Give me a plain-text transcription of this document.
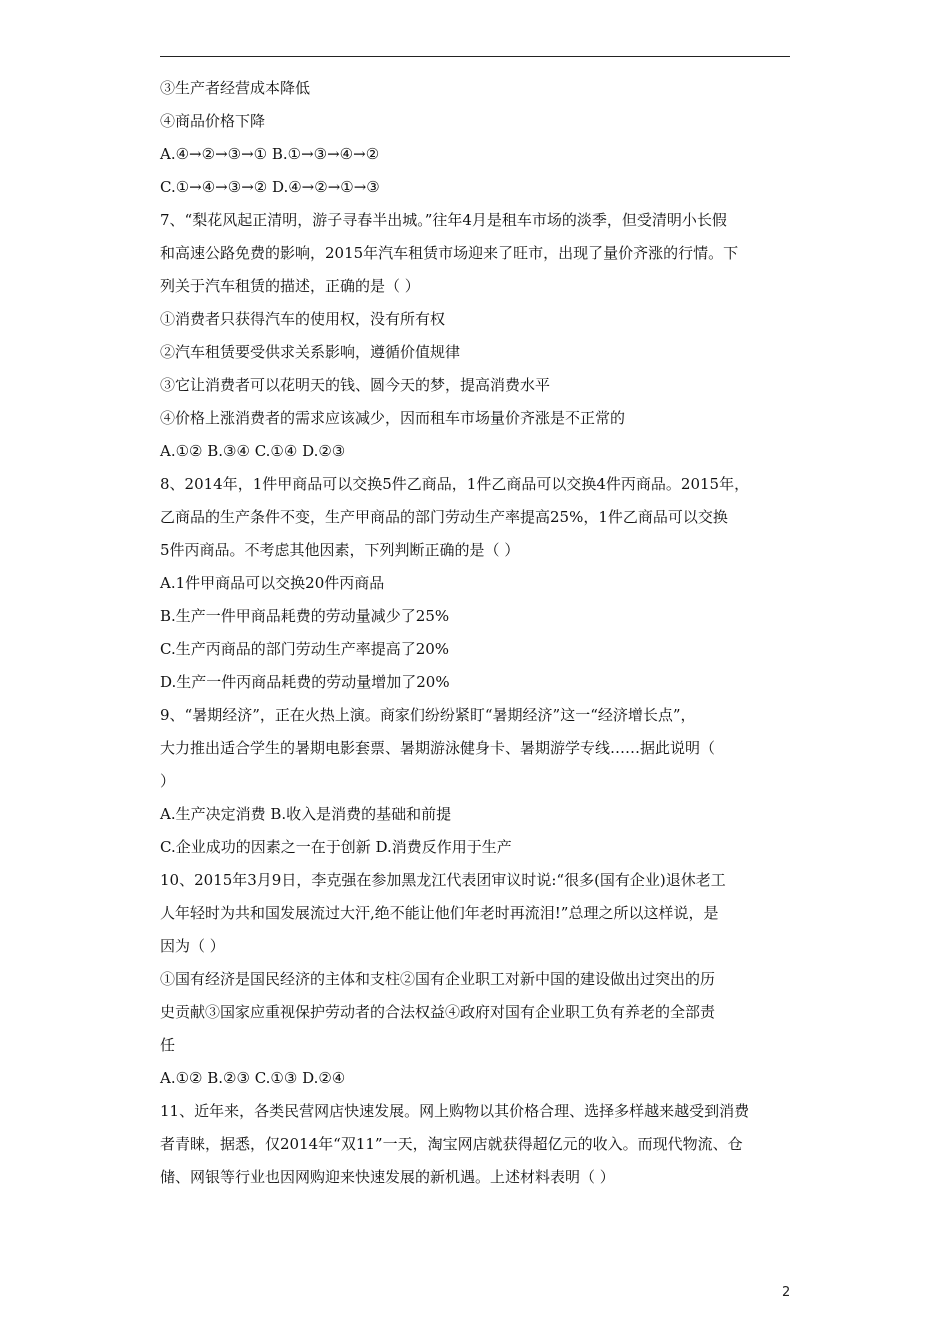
③生产者经营成本降低
④商品价格下降
A.④→②→③→① B.①→③→④→②
C.①→④→③→② D.④→②→①→③
7、“梨花风起正清明，游子寻春半出城。”往年4月是租车市场的淡季，但受清明小长假
和高速公路免费的影响，2015年汽车租赁市场迎来了旺市，出现了量价齐涨的行情。下
列关于汽车租赁的描述，正确的是（ ）
①消费者只获得汽车的使用权，没有所有权
②汽车租赁要受供求关系影响，遵循价值规律
③它让消费者可以花明天的钱、圆今天的梦，提高消费水平
④价格上涨消费者的需求应该减少，因而租车市场量价齐涨是不正常的
A.①② B.③④ C.①④ D.②③
8、2014年，1件甲商品可以交换5件乙商品，1件乙商品可以交换4件丙商品。2015年，
乙商品的生产条件不变，生产甲商品的部门劳动生产率提高25%，1件乙商品可以交换
5件丙商品。不考虑其他因素，下列判断正确的是（ ）
A.1件甲商品可以交换20件丙商品
B.生产一件甲商品耗费的劳动量减少了25%
C.生产丙商品的部门劳动生产率提高了20%
D.生产一件丙商品耗费的劳动量增加了20%
9、“暑期经济”，正在火热上演。商家们纷纷紧盯“暑期经济”这一“经济增长点”，
大力推出适合学生的暑期电影套票、暑期游泳健身卡、暑期游学专线……据此说明（
）
A.生产决定消费 B.收入是消费的基础和前提
C.企业成功的因素之一在于创新 D.消费反作用于生产
10、2015年3月9日，李克强在参加黑龙江代表团审议时说:“很多(国有企业)退休老工
人年轻时为共和国发展流过大汗,绝不能让他们年老时再流泪!”总理之所以这样说，是
因为（ ）
①国有经济是国民经济的主体和支柱②国有企业职工对新中国的建设做出过突出的历
史贡献③国家应重视保护劳动者的合法权益④政府对国有企业职工负有养老的全部责
任
A.①② B.②③ C.①③ D.②④
11、近年来，各类民营网店快速发展。网上购物以其价格合理、选择多样越来越受到消费
者青睐，据悉，仅2014年“双11”一天，淘宝网店就获得超亿元的收入。而现代物流、仓
储、网银等行业也因网购迎来快速发展的新机遇。上述材料表明（ ）
2
